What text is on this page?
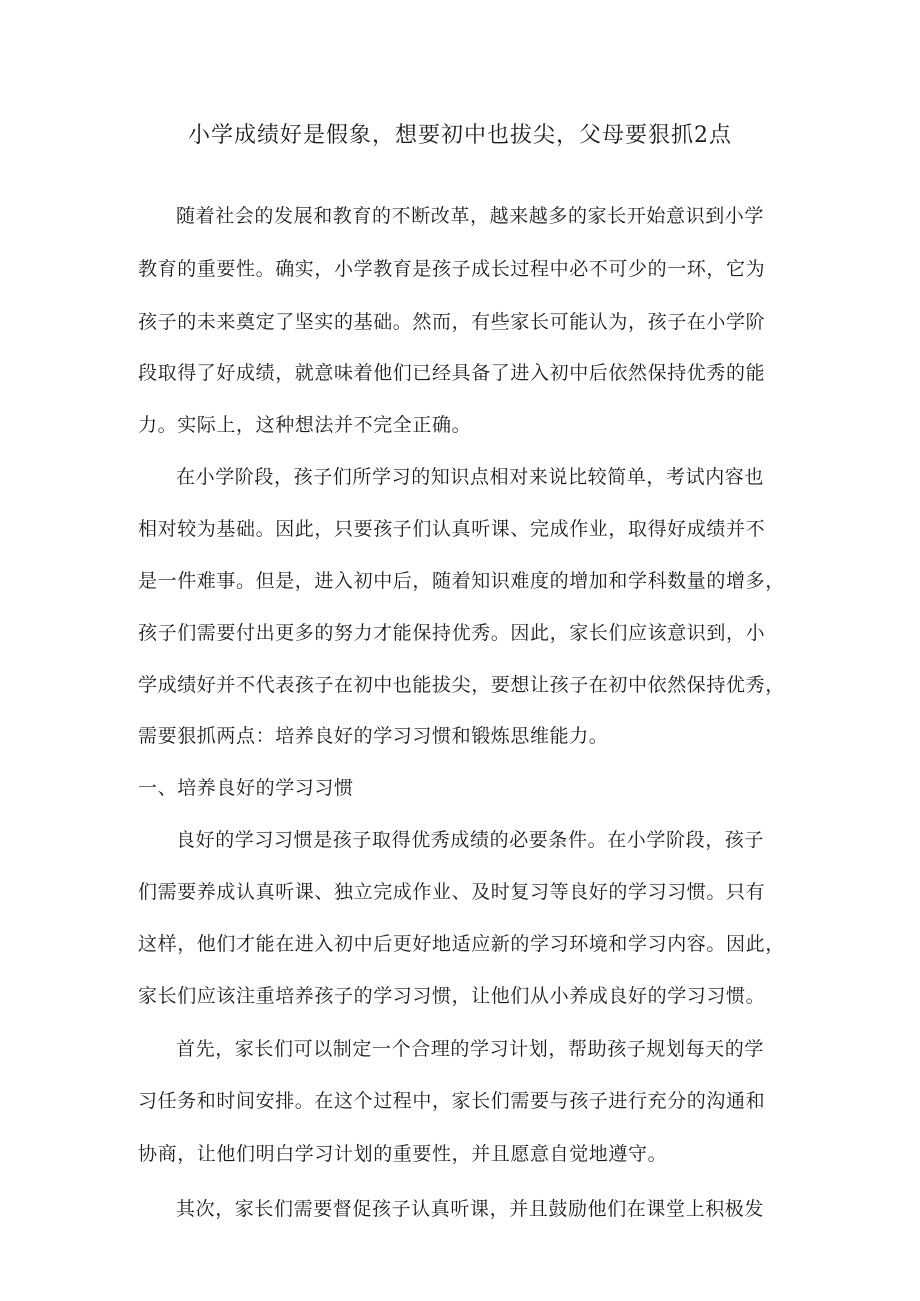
小学成绩好是假象，想要初中也拔尖，父母要狠抓2点
随着社会的发展和教育的不断改革，越来越多的家长开始意识到小学
教育的重要性。确实，小学教育是孩子成长过程中必不可少的一环，它为
孩子的未来奠定了坚实的基础。然而，有些家长可能认为，孩子在小学阶
段取得了好成绩，就意味着他们已经具备了进入初中后依然保持优秀的能
力。实际上，这种想法并不完全正确。
在小学阶段，孩子们所学习的知识点相对来说比较简单，考试内容也
相对较为基础。因此，只要孩子们认真听课、完成作业，取得好成绩并不
是一件难事。但是，进入初中后，随着知识难度的增加和学科数量的增多，
孩子们需要付出更多的努力才能保持优秀。因此，家长们应该意识到，小
学成绩好并不代表孩子在初中也能拔尖，要想让孩子在初中依然保持优秀，
需要狠抓两点：培养良好的学习习惯和锻炼思维能力。
一、培养良好的学习习惯
良好的学习习惯是孩子取得优秀成绩的必要条件。在小学阶段，孩子
们需要养成认真听课、独立完成作业、及时复习等良好的学习习惯。只有
这样，他们才能在进入初中后更好地适应新的学习环境和学习内容。因此，
家长们应该注重培养孩子的学习习惯，让他们从小养成良好的学习习惯。
首先，家长们可以制定一个合理的学习计划，帮助孩子规划每天的学
习任务和时间安排。在这个过程中，家长们需要与孩子进行充分的沟通和
协商，让他们明白学习计划的重要性，并且愿意自觉地遵守。
其次，家长们需要督促孩子认真听课，并且鼓励他们在课堂上积极发
